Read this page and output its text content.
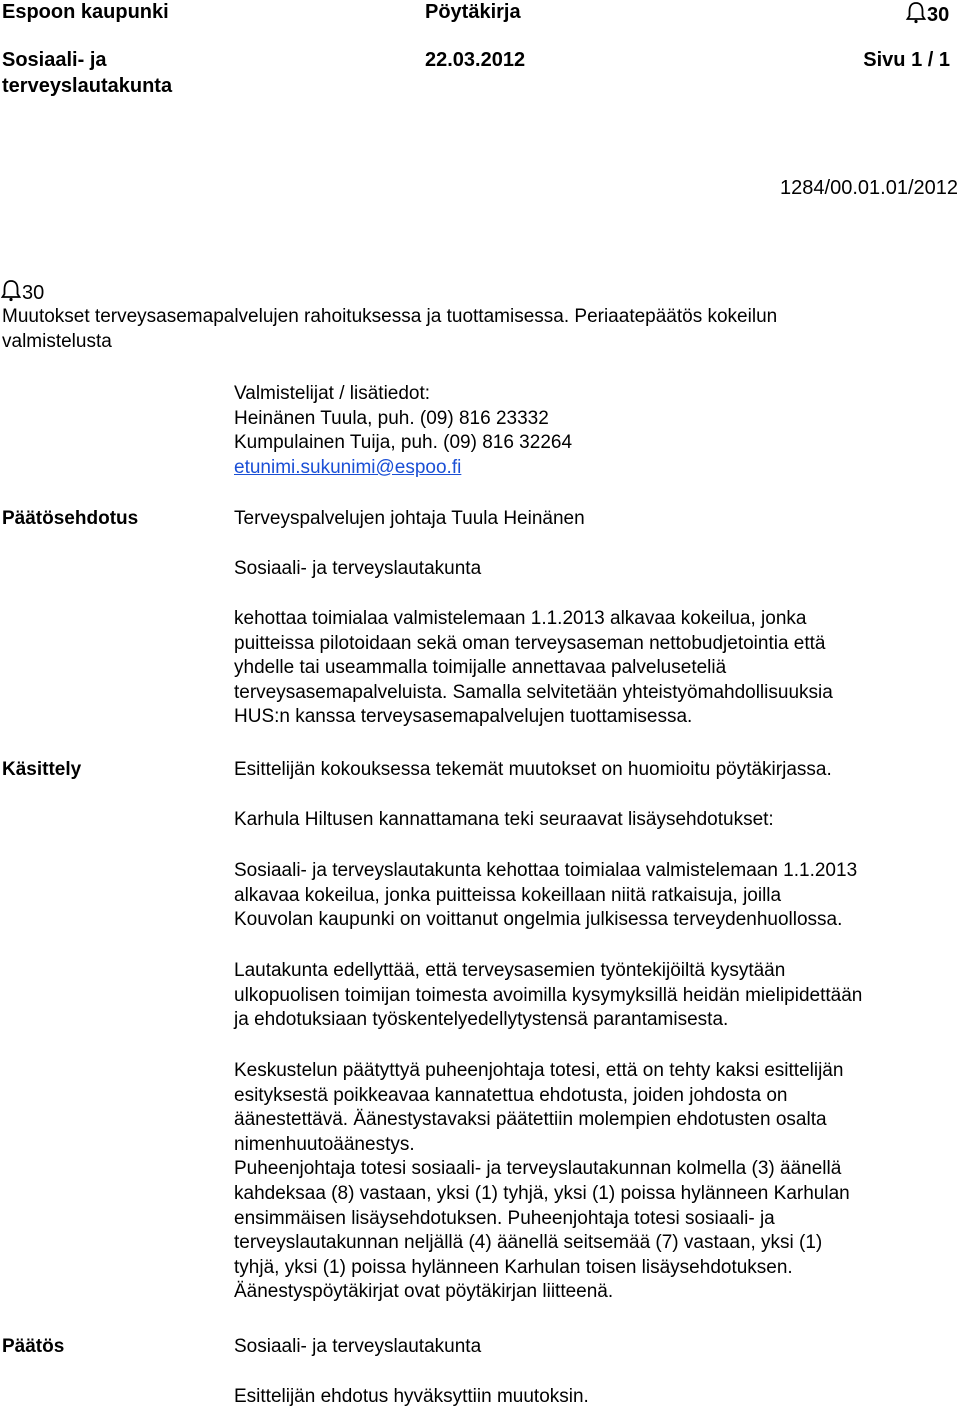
Espoon kaupunki	Pöytäkirja	30
Sosiaali- ja
terveyslautakunta
22.03.2012	Sivu 1 / 1
1284/00.01.01/2012
30
Muutokset terveysasemapalvelujen rahoituksessa ja tuottamisessa. Periaatepäätös kokeilun
valmistelusta
Valmistelijat / lisätiedot:
Heinänen Tuula, puh. (09) 816 23332
Kumpulainen Tuija, puh. (09) 816 32264
etunimi.sukunimi@espoo.fi
Päätösehdotus	Terveyspalvelujen johtaja Tuula Heinänen
Sosiaali- ja terveyslautakunta
kehottaa toimialaa valmistelemaan 1.1.2013 alkavaa kokeilua, jonka
puitteissa pilotoidaan sekä oman terveysaseman nettobudjetointia että
yhdelle tai useammalla toimijalle annettavaa palveluseteliä
terveysasemapalveluista. Samalla selvitetään yhteistyömahdollisuuksia
HUS:n kanssa terveysasemapalvelujen tuottamisessa.
Käsittely	Esittelijän kokouksessa tekemät muutokset on huomioitu pöytäkirjassa.
Karhula Hiltusen kannattamana teki seuraavat lisäysehdotukset:
Sosiaali- ja terveyslautakunta kehottaa toimialaa valmistelemaan 1.1.2013
alkavaa kokeilua, jonka puitteissa kokeillaan niitä ratkaisuja, joilla
Kouvolan kaupunki on voittanut ongelmia julkisessa terveydenhuollossa.
Lautakunta edellyttää, että terveysasemien työntekijöiltä kysytään
ulkopuolisen toimijan toimesta avoimilla kysymyksillä heidän mielipidettään
ja ehdotuksiaan työskentelyedellytystensä parantamisesta.
Keskustelun päätyttyä puheenjohtaja totesi, että on tehty kaksi esittelijän
esityksestä poikkeavaa kannatettua ehdotusta, joiden johdosta on
äänestettävä. Äänestystavaksi päätettiin molempien ehdotusten osalta
nimenhuutoäänestys.
Puheenjohtaja totesi sosiaali- ja terveyslautakunnan kolmella (3) äänellä
kahdeksaa (8) vastaan, yksi (1) tyhjä, yksi (1) poissa hylänneen Karhulan
ensimmäisen lisäysehdotuksen. Puheenjohtaja totesi sosiaali- ja
terveyslautakunnan neljällä (4) äänellä seitsemää (7) vastaan, yksi (1)
tyhjä, yksi (1) poissa hylänneen Karhulan toisen lisäysehdotuksen.
Äänestyspöytäkirjat ovat pöytäkirjan liitteenä.
Päätös	Sosiaali- ja terveyslautakunta
Esittelijän ehdotus hyväksyttiin muutoksin.
